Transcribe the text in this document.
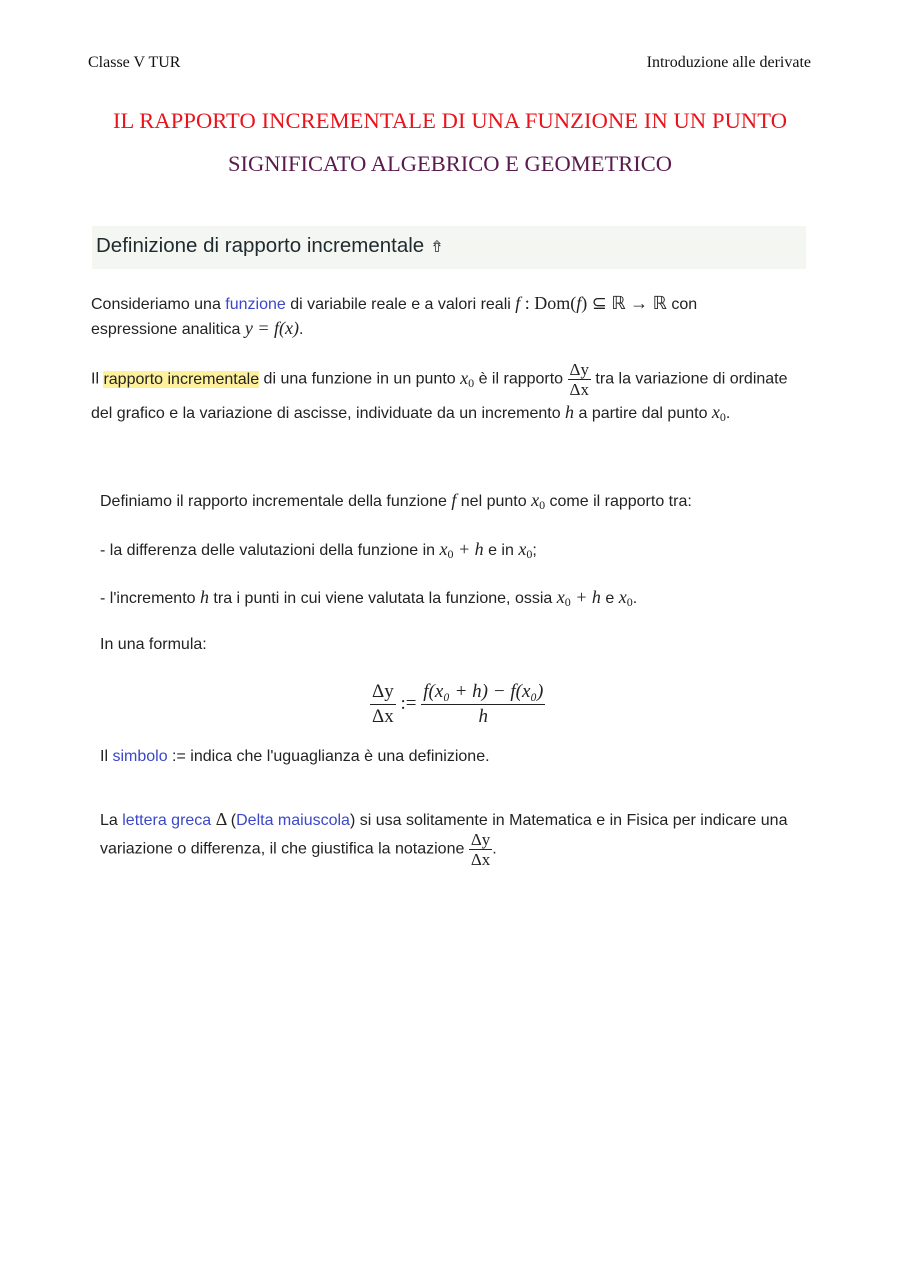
Classe V TUR	Introduzione alle derivate
IL RAPPORTO INCREMENTALE DI UNA FUNZIONE IN UN PUNTO
SIGNIFICATO ALGEBRICO E GEOMETRICO
Definizione di rapporto incrementale ⇮
Consideriamo una funzione di variabile reale e a valori reali f : Dom(f) ⊆ ℝ → ℝ con
espressione analitica y = f(x).
Il rapporto incrementale di una funzione in un punto $x_0$ è il rapporto $\frac{\Delta y}{\Delta x}$ tra la variazione di ordinate
del grafico e la variazione di ascisse, individuate da un incremento h a partire dal punto $x_0$.
Definiamo il rapporto incrementale della funzione f nel punto $x_0$ come il rapporto tra:
- la differenza delle valutazioni della funzione in $x_0 + h$ e in $x_0$;
- l'incremento h tra i punti in cui viene valutata la funzione, ossia $x_0 + h$ e $x_0$.
In una formula:
$\frac{\Delta y}{\Delta x}$ := $\frac{\text{f(x₀ + h) − f(x₀)}}{h}$
Il simbolo := indica che l'uguaglianza è una definizione.
La lettera greca Δ (Delta maiuscola) si usa solitamente in Matematica e in Fisica per indicare una
variazione o differenza, il che giustifica la notazione $\frac{\Delta y}{\Delta x}$ .
